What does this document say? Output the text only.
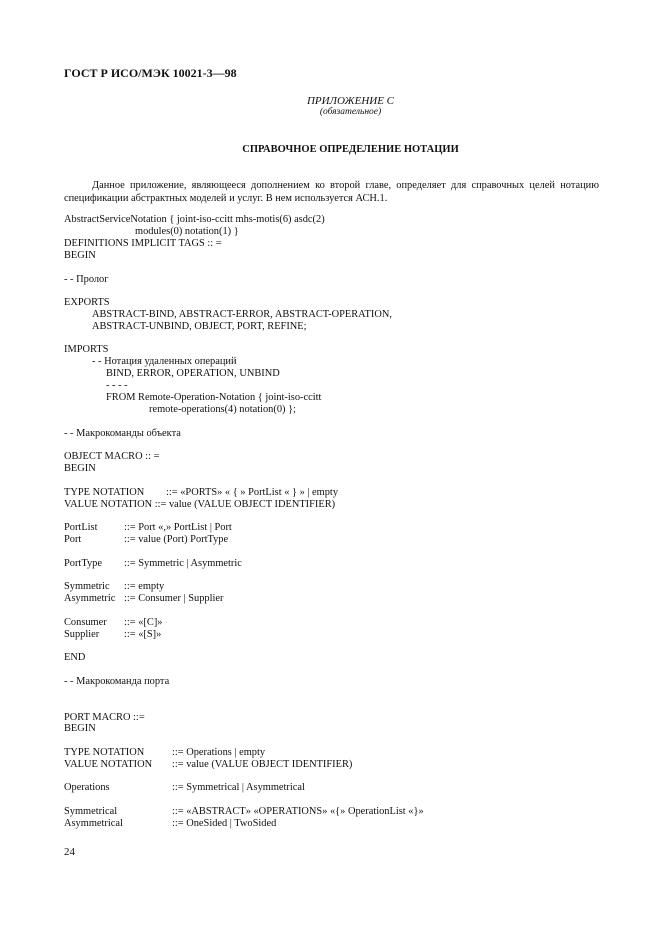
ГОСТ Р ИСО/МЭК 10021-3—98
ПРИЛОЖЕНИЕ С
(обязательное)
СПРАВОЧНОЕ ОПРЕДЕЛЕНИЕ НОТАЦИИ
Данное приложение, являющееся дополнением ко второй главе, определяет для справочных целей нотацию спецификации абстрактных моделей и услуг. В нем используется АСН.1.
AbstractServiceNotation { joint-iso-ccitt mhs-motis(6) asdc(2)
modules(0) notation(1) }
DEFINITIONS IMPLICIT TAGS :: =
BEGIN
- - Пролог
EXPORTS
ABSTRACT-BIND, ABSTRACT-ERROR, ABSTRACT-OPERATION,
ABSTRACT-UNBIND, OBJECT, PORT, REFINE;
IMPORTS
- - Нотация удаленных операций
BIND, ERROR, OPERATION, UNBIND
- - - -
FROM Remote-Operation-Notation { joint-iso-ccitt
remote-operations(4) notation(0) };
- - Макрокоманды объекта
OBJECT MACRO :: =
BEGIN
TYPE NOTATION ::= «PORTS» « { » PortList « } » | empty
VALUE NOTATION ::= value (VALUE OBJECT IDENTIFIER)
PortList	::= Port «,» PortList | Port
Port	::= value (Port) PortType
PortType ::= Symmetric | Asymmetric
Symmetric ::= empty
Asymmetric ::= Consumer | Supplier
Consumer ::= «[C]»
Supplier ::= «[S]»
END
- - Макрокоманда порта
PORT MACRO ::=
BEGIN
TYPE NOTATION	::= Operations | empty
VALUE NOTATION ::= value (VALUE OBJECT IDENTIFIER)
Operations	::= Symmetrical | Asymmetrical
Symmetrical	::= «ABSTRACT» «OPERATIONS» «{» OperationList «}»
Asymmetrical	::= OneSided | TwoSided
24
